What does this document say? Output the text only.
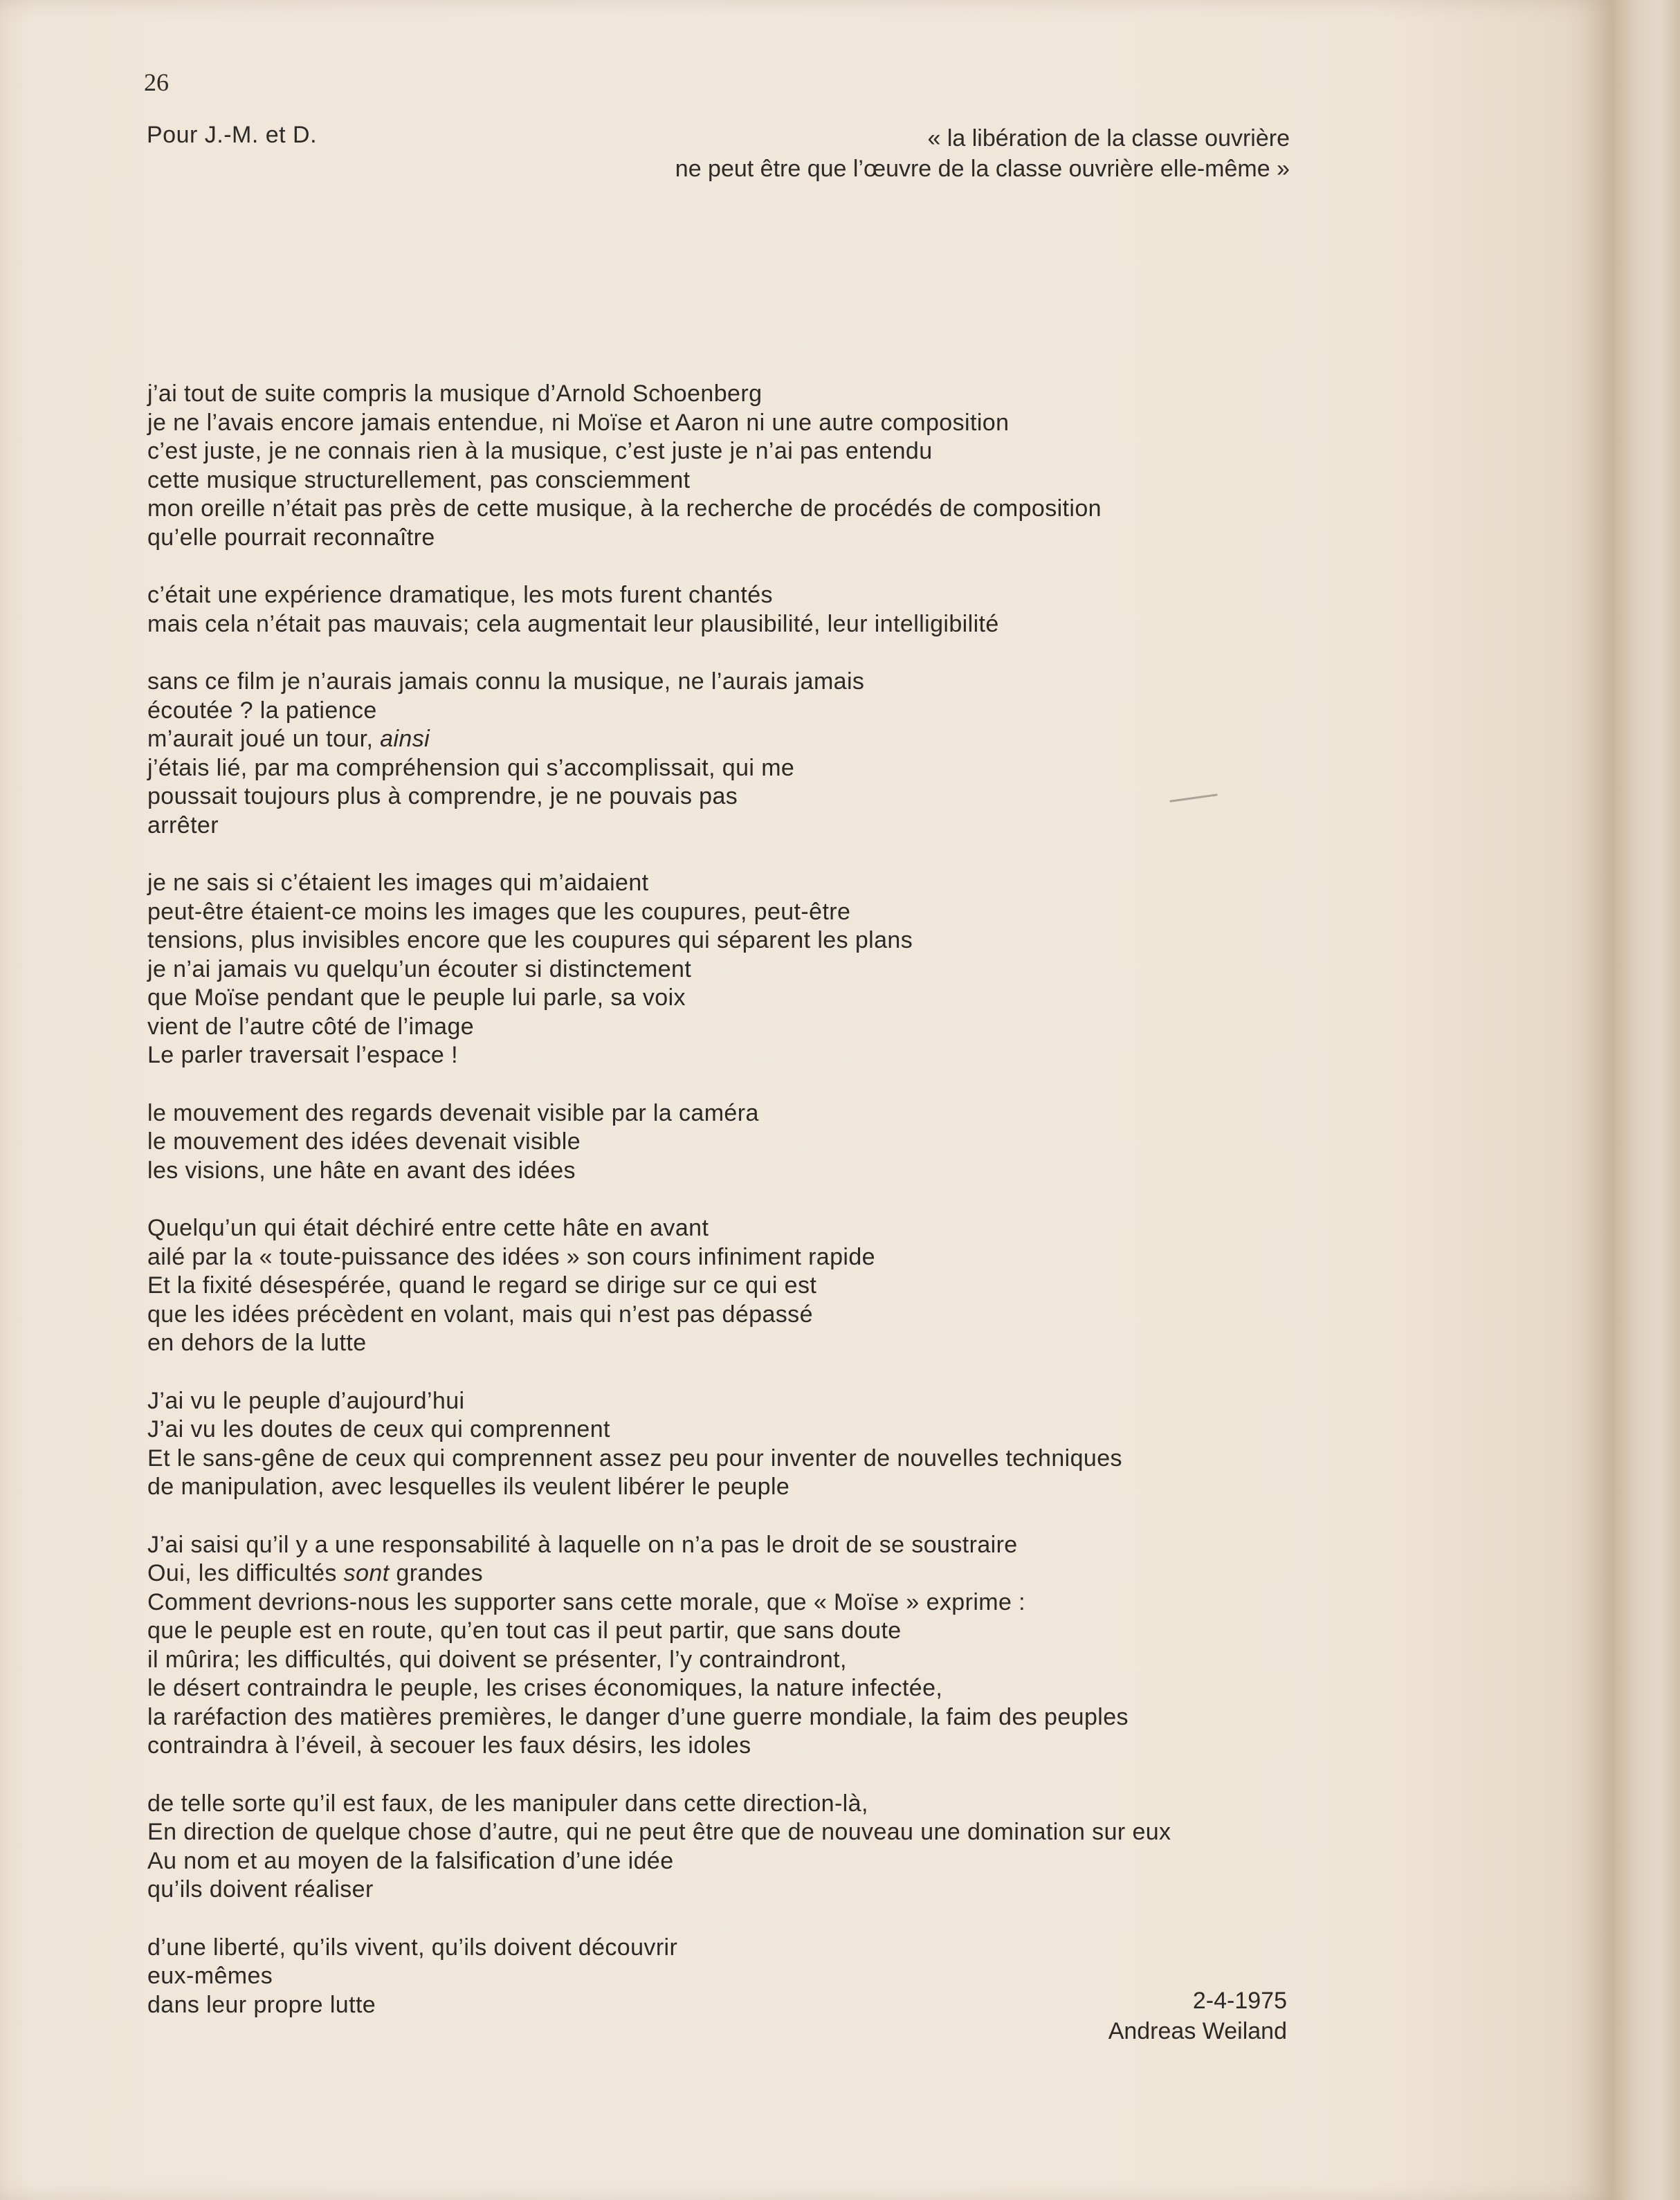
26
Pour J.-M. et D.	« la libération de la classe ouvrière
ne peut être que l’œuvre de la classe ouvrière elle-même »
j’ai tout de suite compris la musique d’Arnold Schoenberg
je ne l’avais encore jamais entendue, ni Moïse et Aaron ni une autre composition
c’est juste, je ne connais rien à la musique, c’est juste je n’ai pas entendu
cette musique structurellement, pas consciemment
mon oreille n’était pas près de cette musique, à la recherche de procédés de composition
qu’elle pourrait reconnaître
c’était une expérience dramatique, les mots furent chantés
mais cela n’était pas mauvais; cela augmentait leur plausibilité, leur intelligibilité
sans ce film je n’aurais jamais connu la musique, ne l’aurais jamais
écoutée ? la patience
m’aurait joué un tour, ainsi
j’étais lié, par ma compréhension qui s’accomplissait, qui me
poussait toujours plus à comprendre, je ne pouvais pas
arrêter
je ne sais si c’étaient les images qui m’aidaient
peut-être étaient-ce moins les images que les coupures, peut-être
tensions, plus invisibles encore que les coupures qui séparent les plans
je n’ai jamais vu quelqu’un écouter si distinctement
que Moïse pendant que le peuple lui parle, sa voix
vient de l’autre côté de l’image
Le parler traversait l’espace !
le mouvement des regards devenait visible par la caméra
le mouvement des idées devenait visible
les visions, une hâte en avant des idées
Quelqu’un qui était déchiré entre cette hâte en avant
ailé par la « toute-puissance des idées » son cours infiniment rapide
Et la fixité désespérée, quand le regard se dirige sur ce qui est
que les idées précèdent en volant, mais qui n’est pas dépassé
en dehors de la lutte
J’ai vu le peuple d’aujourd’hui
J’ai vu les doutes de ceux qui comprennent
Et le sans-gêne de ceux qui comprennent assez peu pour inventer de nouvelles techniques
de manipulation, avec lesquelles ils veulent libérer le peuple
J’ai saisi qu’il y a une responsabilité à laquelle on n’a pas le droit de se soustraire
Oui, les difficultés sont grandes
Comment devrions-nous les supporter sans cette morale, que « Moïse » exprime :
que le peuple est en route, qu’en tout cas il peut partir, que sans doute
il mûrira; les difficultés, qui doivent se présenter, l’y contraindront,
le désert contraindra le peuple, les crises économiques, la nature infectée,
la raréfaction des matières premières, le danger d’une guerre mondiale, la faim des peuples
contraindra à l’éveil, à secouer les faux désirs, les idoles
de telle sorte qu’il est faux, de les manipuler dans cette direction-là,
En direction de quelque chose d’autre, qui ne peut être que de nouveau une domination sur eux
Au nom et au moyen de la falsification d’une idée
qu’ils doivent réaliser
d’une liberté, qu’ils vivent, qu’ils doivent découvrir
eux-mêmes
dans leur propre lutte	2-4-1975
Andreas Weiland
